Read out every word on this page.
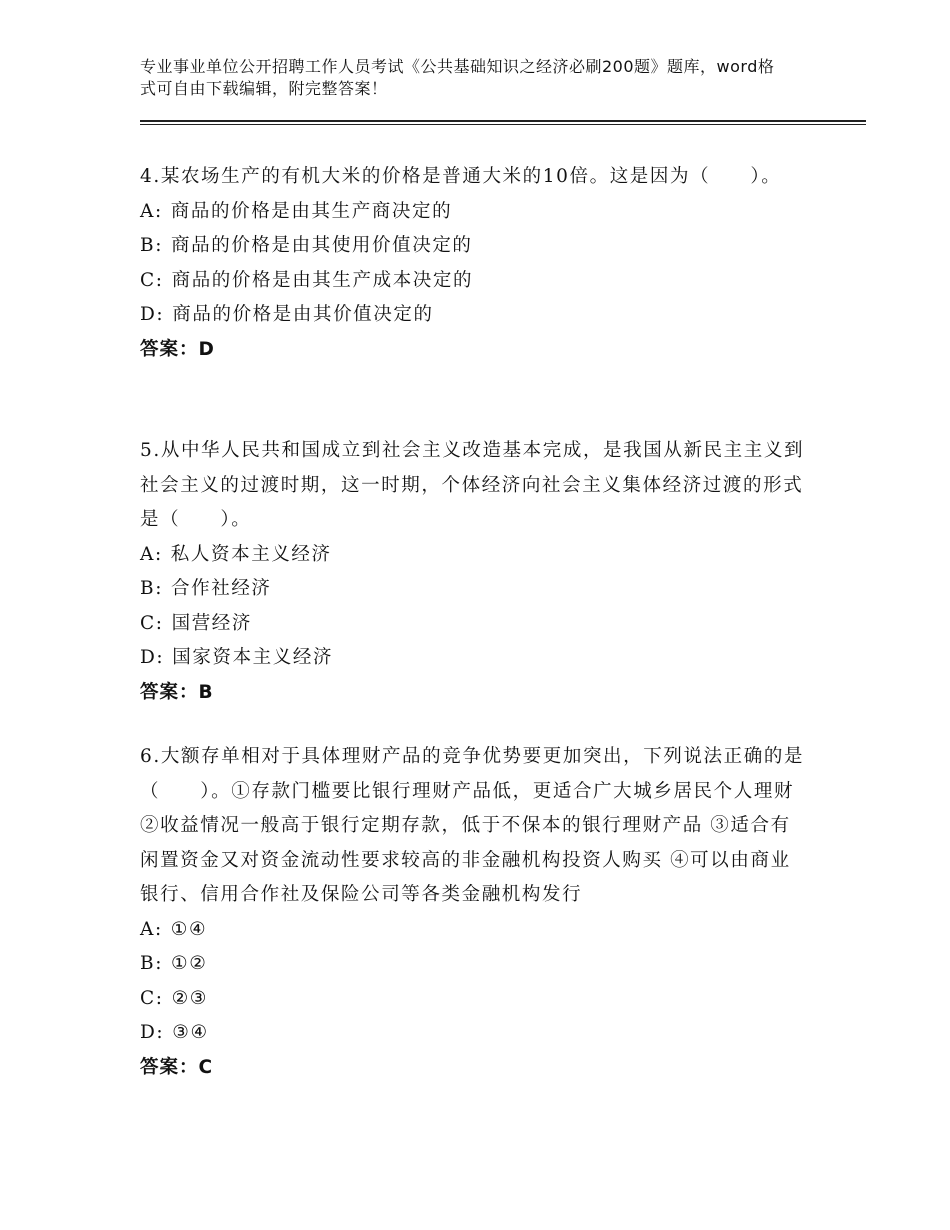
专业事业单位公开招聘工作人员考试《公共基础知识之经济必刷200题》题库，word格式可自由下载编辑，附完整答案！

4.某农场生产的有机大米的价格是普通大米的10倍。这是因为（　　）。

A: 商品的价格是由其生产商决定的

B: 商品的价格是由其使用价值决定的

C: 商品的价格是由其生产成本决定的

D: 商品的价格是由其价值决定的

答案：D

5.从中华人民共和国成立到社会主义改造基本完成，是我国从新民主主义到社会主义的过渡时期，这一时期，个体经济向社会主义集体经济过渡的形式是（　　）。

A: 私人资本主义经济

B: 合作社经济

C: 国营经济

D: 国家资本主义经济

答案：B

6.大额存单相对于具体理财产品的竞争优势要更加突出，下列说法正确的是（　　）。①存款门槛要比银行理财产品低，更适合广大城乡居民个人理财 ②收益情况一般高于银行定期存款，低于不保本的银行理财产品 ③适合有闲置资金又对资金流动性要求较高的非金融机构投资人购买 ④可以由商业银行、信用合作社及保险公司等各类金融机构发行

A: ①④

B: ①②

C: ②③

D: ③④

答案：C
